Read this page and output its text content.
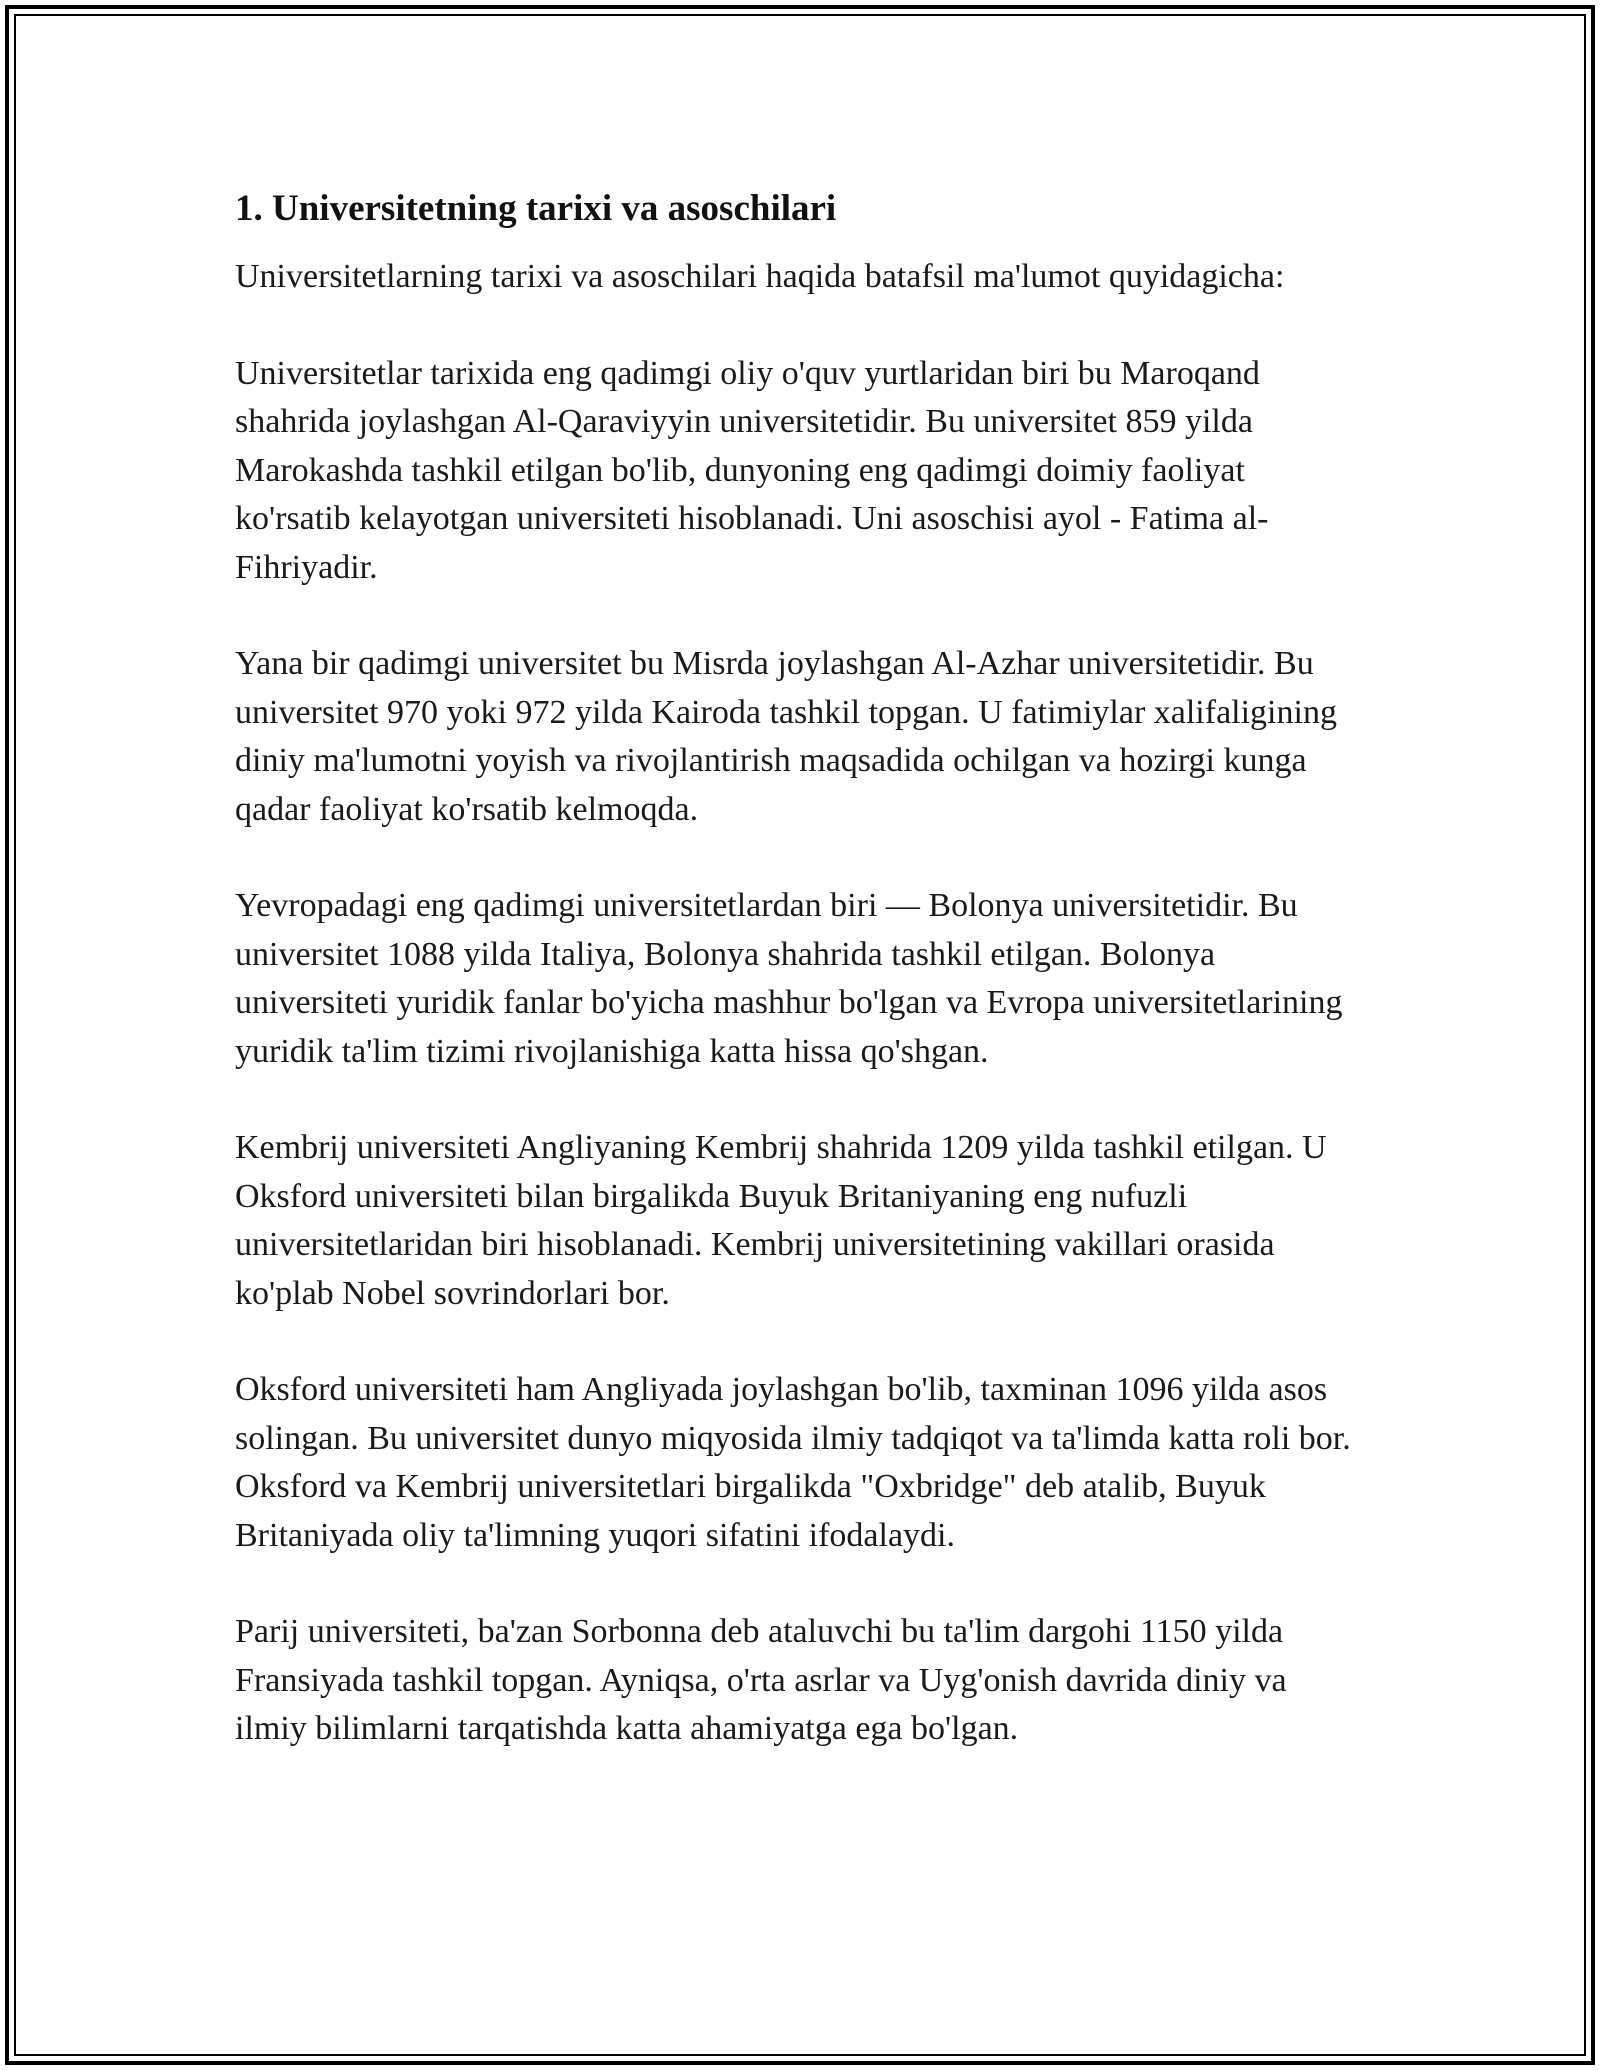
1. Universitetning tarixi va asoschilari

Universitetlarning tarixi va asoschilari haqida batafsil ma'lumot quyidagicha:

Universitetlar tarixida eng qadimgi oliy o'quv yurtlaridan biri bu Maroqand shahrida joylashgan Al-Qaraviyyin universitetidir. Bu universitet 859 yilda Marokashda tashkil etilgan bo'lib, dunyoning eng qadimgi doimiy faoliyat ko'rsatib kelayotgan universiteti hisoblanadi. Uni asoschisi ayol - Fatima al-Fihriyadir.

Yana bir qadimgi universitet bu Misrda joylashgan Al-Azhar universitetidir. Bu universitet 970 yoki 972 yilda Kairoda tashkil topgan. U fatimiylar xalifaligining diniy ma'lumotni yoyish va rivojlantirish maqsadida ochilgan va hozirgi kunga qadar faoliyat ko'rsatib kelmoqda.

Yevropadagi eng qadimgi universitetlardan biri — Bolonya universitetidir. Bu universitet 1088 yilda Italiya, Bolonya shahrida tashkil etilgan. Bolonya universiteti yuridik fanlar bo'yicha mashhur bo'lgan va Evropa universitetlarining yuridik ta'lim tizimi rivojlanishiga katta hissa qo'shgan.

Kembrij universiteti Angliyaning Kembrij shahrida 1209 yilda tashkil etilgan. U Oksford universiteti bilan birgalikda Buyuk Britaniyaning eng nufuzli universitetlaridan biri hisoblanadi. Kembrij universitetining vakillari orasida ko'plab Nobel sovrindorlari bor.

Oksford universiteti ham Angliyada joylashgan bo'lib, taxminan 1096 yilda asos solingan. Bu universitet dunyo miqyosida ilmiy tadqiqot va ta'limda katta roli bor. Oksford va Kembrij universitetlari birgalikda "Oxbridge" deb atalib, Buyuk Britaniyada oliy ta'limning yuqori sifatini ifodalaydi.

Parij universiteti, ba'zan Sorbonna deb ataluvchi bu ta'lim dargohi 1150 yilda Fransiyada tashkil topgan. Ayniqsa, o'rta asrlar va Uyg'onish davrida diniy va ilmiy bilimlarni tarqatishda katta ahamiyatga ega bo'lgan.
